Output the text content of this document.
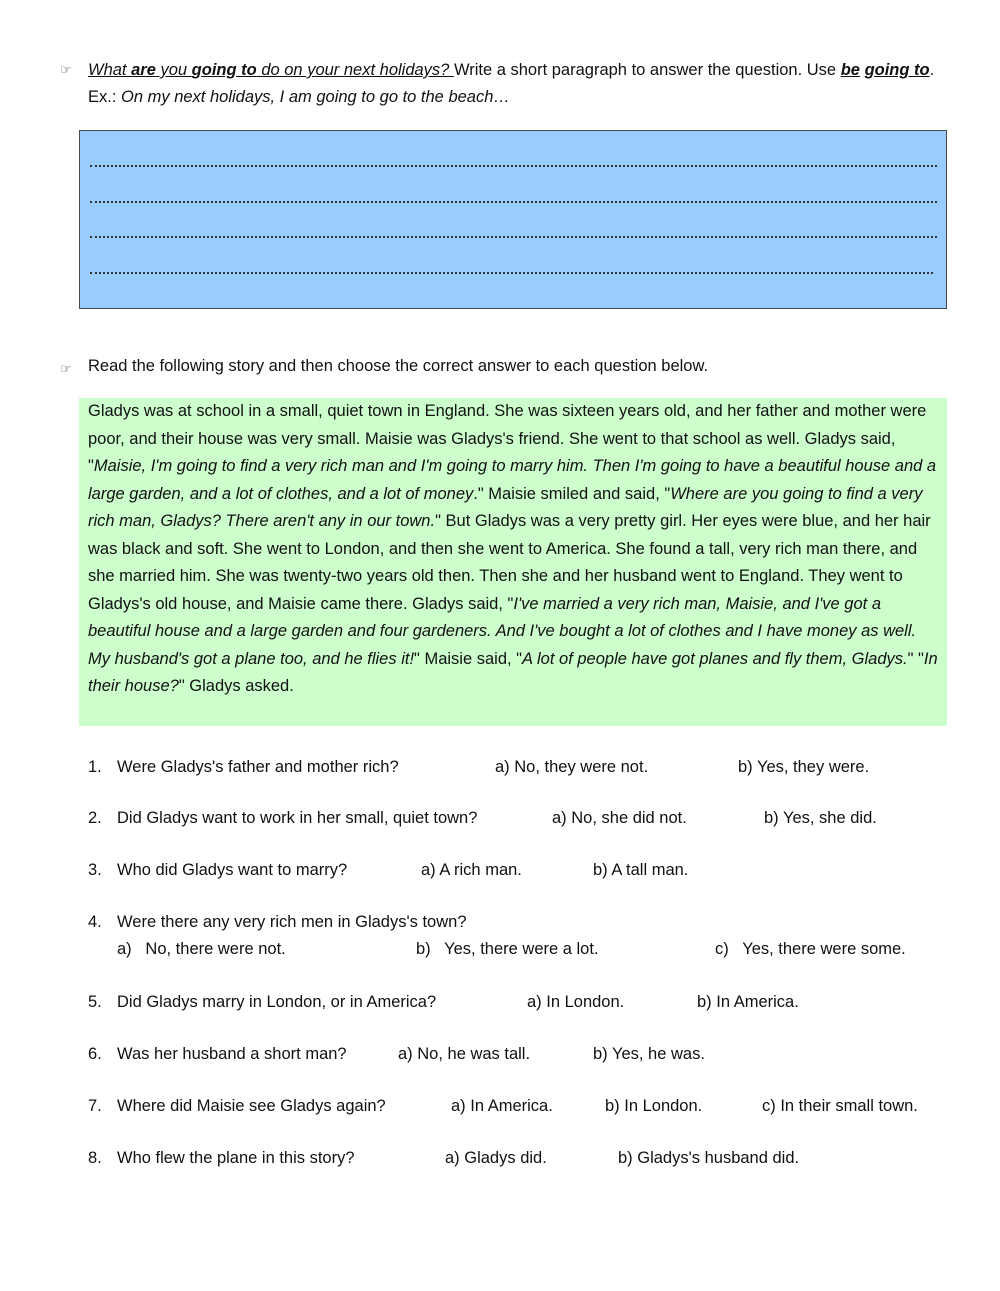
☞ What are you going to do on your next holidays? Write a short paragraph to answer the question. Use be going to. Ex.: On my next holidays, I am going to go to the beach…
☞ Read the following story and then choose the correct answer to each question below.
Gladys was at school in a small, quiet town in England. She was sixteen years old, and her father and mother were poor, and their house was very small. Maisie was Gladys's friend. She went to that school as well. Gladys said, "Maisie, I'm going to find a very rich man and I'm going to marry him. Then I'm going to have a beautiful house and a large garden, and a lot of clothes, and a lot of money." Maisie smiled and said, "Where are you going to find a very rich man, Gladys? There aren't any in our town." But Gladys was a very pretty girl. Her eyes were blue, and her hair was black and soft. She went to London, and then she went to America. She found a tall, very rich man there, and she married him. She was twenty-two years old then. Then she and her husband went to England. They went to Gladys's old house, and Maisie came there. Gladys said, "I've married a very rich man, Maisie, and I've got a beautiful house and a large garden and four gardeners. And I've bought a lot of clothes and I have money as well. My husband's got a plane too, and he flies it!" Maisie said, "A lot of people have got planes and fly them, Gladys." "In their house?" Gladys asked.
1. Were Gladys's father and mother rich?	a) No, they were not.	b) Yes, they were.
2. Did Gladys want to work in her small, quiet town?	a) No, she did not.	b) Yes, she did.
3. Who did Gladys want to marry?	a) A rich man.	b) A tall man.
4. Were there any very rich men in Gladys's town?
a)   No, there were not.	b)   Yes, there were a lot.	c)   Yes, there were some.
5. Did Gladys marry in London, or in America?	a) In London.	b) In America.
6. Was her husband a short man?	a) No, he was tall.	b) Yes, he was.
7. Where did Maisie see Gladys again?	a) In America.	b) In London.	c) In their small town.
8. Who flew the plane in this story?	a) Gladys did.	b) Gladys's husband did.
